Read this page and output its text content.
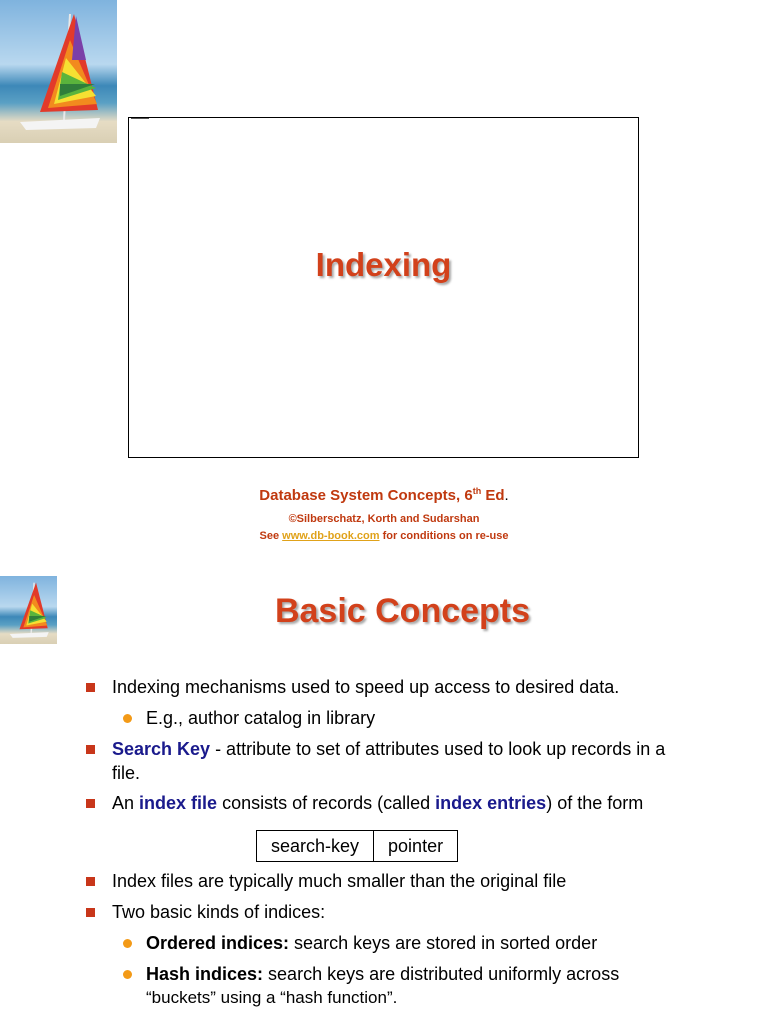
Indexing
Database System Concepts, 6th Ed.
©Silberschatz, Korth and Sudarshan
See www.db-book.com for conditions on re-use
Basic Concepts
Indexing mechanisms used to speed up access to desired data.
E.g., author catalog in library
Search Key - attribute to set of attributes used to look up records in a
file.
An index file consists of records (called index entries) of the form
search-key	pointer
Index files are typically much smaller than the original file
Two basic kinds of indices:
Ordered indices: search keys are stored in sorted order
Hash indices: search keys are distributed uniformly across
“buckets” using a “hash function”.
